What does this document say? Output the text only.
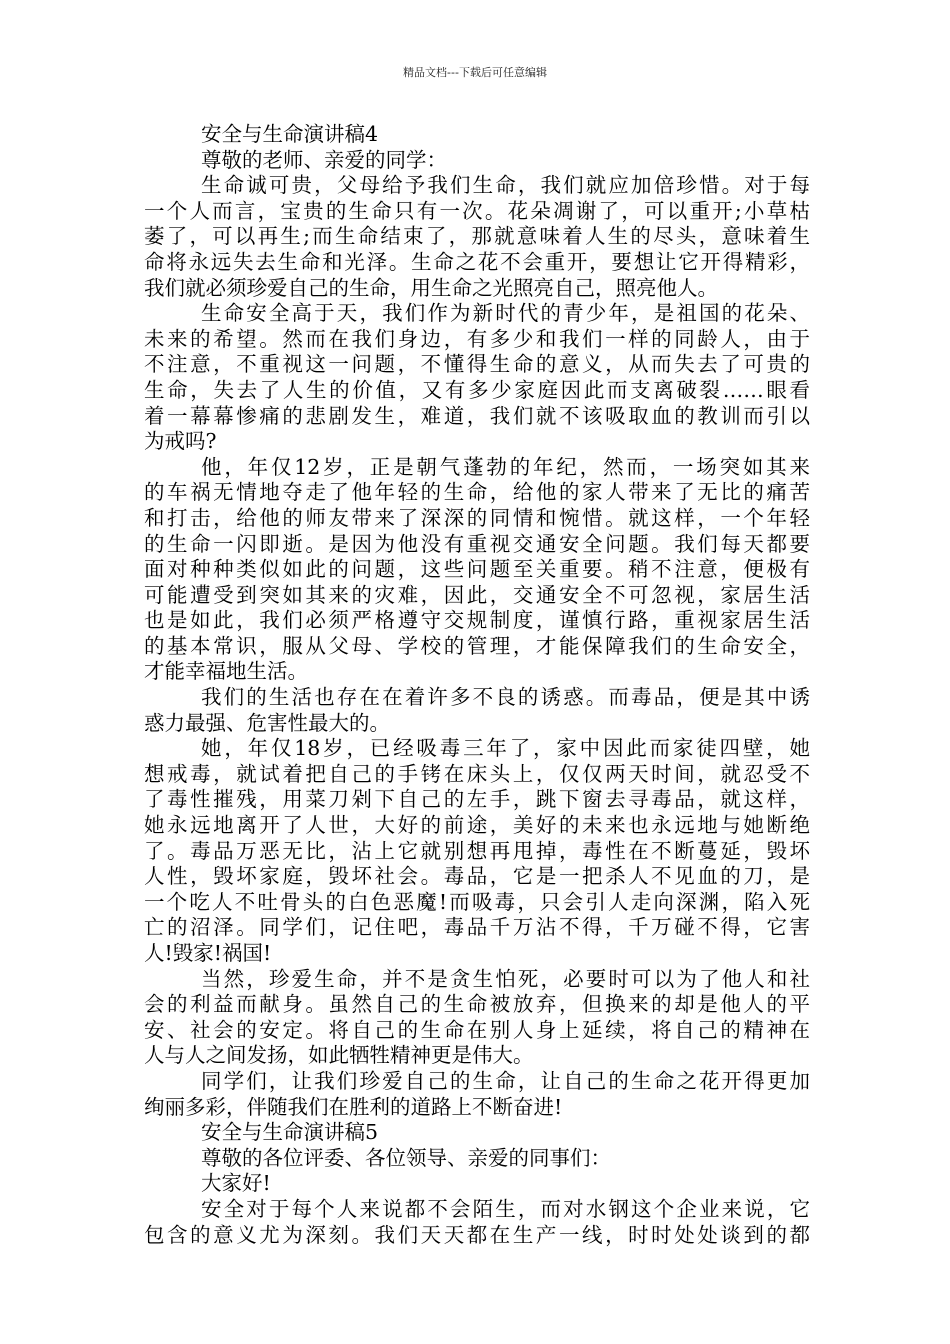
精品文档---下载后可任意编辑
安全与生命演讲稿4
尊敬的老师、亲爱的同学：
生命诚可贵，父母给予我们生命，我们就应加倍珍惜。对于每
一个人而言，宝贵的生命只有一次。花朵凋谢了，可以重开;小草枯
萎了，可以再生;而生命结束了，那就意味着人生的尽头，意味着生
命将永远失去生命和光泽。生命之花不会重开，要想让它开得精彩，
我们就必须珍爱自己的生命，用生命之光照亮自己，照亮他人。
生命安全高于天，我们作为新时代的青少年，是祖国的花朵、
未来的希望。然而在我们身边，有多少和我们一样的同龄人，由于
不注意，不重视这一问题，不懂得生命的意义，从而失去了可贵的
生命，失去了人生的价值，又有多少家庭因此而支离破裂……眼看
着一幕幕惨痛的悲剧发生，难道，我们就不该吸取血的教训而引以
为戒吗?
他，年仅12岁，正是朝气蓬勃的年纪，然而，一场突如其来
的车祸无情地夺走了他年轻的生命，给他的家人带来了无比的痛苦
和打击，给他的师友带来了深深的同情和惋惜。就这样，一个年轻
的生命一闪即逝。是因为他没有重视交通安全问题。我们每天都要
面对种种类似如此的问题，这些问题至关重要。稍不注意，便极有
可能遭受到突如其来的灾难，因此，交通安全不可忽视，家居生活
也是如此，我们必须严格遵守交规制度，谨慎行路，重视家居生活
的基本常识，服从父母、学校的管理，才能保障我们的生命安全，
才能幸福地生活。
我们的生活也存在在着许多不良的诱惑。而毒品，便是其中诱
惑力最强、危害性最大的。
她，年仅18岁，已经吸毒三年了，家中因此而家徒四壁，她
想戒毒，就试着把自己的手铐在床头上，仅仅两天时间，就忍受不
了毒性摧残，用菜刀剁下自己的左手，跳下窗去寻毒品，就这样，
她永远地离开了人世，大好的前途，美好的未来也永远地与她断绝
了。毒品万恶无比，沾上它就别想再甩掉，毒性在不断蔓延，毁坏
人性，毁坏家庭，毁坏社会。毒品，它是一把杀人不见血的刀，是
一个吃人不吐骨头的白色恶魔!而吸毒，只会引人走向深渊，陷入死
亡的沼泽。同学们，记住吧，毒品千万沾不得，千万碰不得，它害
人!毁家!祸国!
当然，珍爱生命，并不是贪生怕死，必要时可以为了他人和社
会的利益而献身。虽然自己的生命被放弃，但换来的却是他人的平
安、社会的安定。将自己的生命在别人身上延续，将自己的精神在
人与人之间发扬，如此牺牲精神更是伟大。
同学们，让我们珍爱自己的生命，让自己的生命之花开得更加
绚丽多彩，伴随我们在胜利的道路上不断奋进!
安全与生命演讲稿5
尊敬的各位评委、各位领导、亲爱的同事们：
大家好!
安全对于每个人来说都不会陌生，而对水钢这个企业来说，它
包含的意义尤为深刻。我们天天都在生产一线，时时处处谈到的都
